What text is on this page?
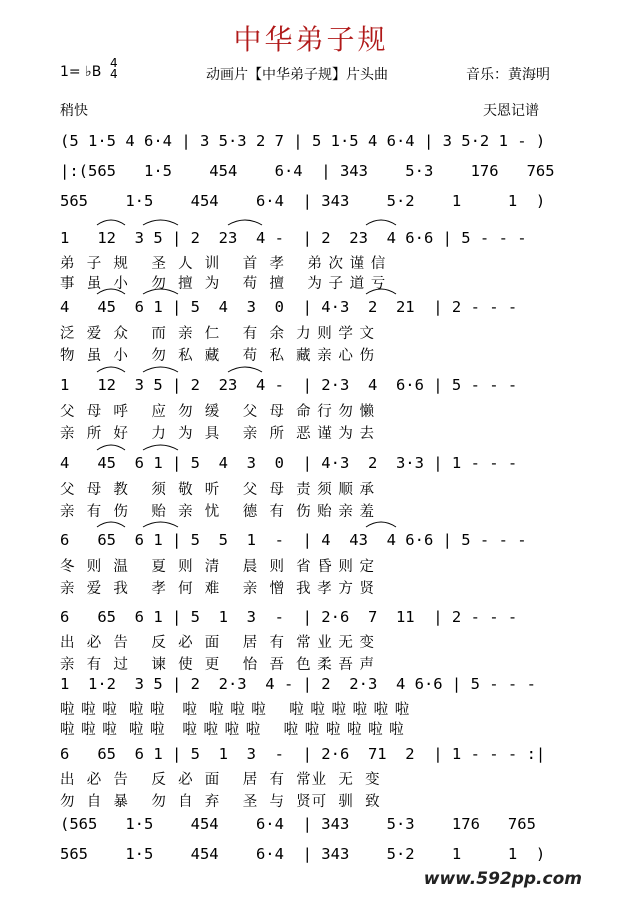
中华弟子规
1= ♭B
4
4	动画片【中华弟子规】片头曲	音乐：黄海明
稍快	天恩记谱
(5 1·5 4 6·4 | 3 5·3 2 7 | 5 1·5 4 6·4 | 3 5·2 1 - )
|:(565   1·5    454    6·4  | 343    5·3    176   765
565    1·5    454    6·4  | 343    5·2    1     1  )
1   12  3 5 | 2  23  4 -  | 2  23  4 6·6 | 5 - - -
4   45  6 1 | 5  4  3  0  | 4·3  2  21  | 2 - - -
1   12  3 5 | 2  23  4 -  | 2·3  4  6·6 | 5 - - -
4   45  6 1 | 5  4  3  0  | 4·3  2  3·3 | 1 - - -
6   65  6 1 | 5  5  1  -  | 4  43  4 6·6 | 5 - - -
6   65  6 1 | 5  1  3  -  | 2·6  7  11  | 2 - - -
1  1·2  3 5 | 2  2·3  4 - | 2  2·3  4 6·6 | 5 - - -
6   65  6 1 | 5  1  3  -  | 2·6  71  2  | 1 - - - :|
(565   1·5    454    6·4  | 343    5·3    176   765
565    1·5    454    6·4  | 343    5·2    1     1  )
弟  子  规    圣  人  训    首  孝    弟 次 谨 信
事  虽  小    勿  擅  为    苟  擅    为 子 道 亏
泛  爱  众    而  亲  仁    有  余  力 则 学 文
物  虽  小    勿  私  藏    苟  私  藏 亲 心 伤
父  母  呼    应  勿  缓    父  母  命 行 勿 懒
亲  所  好    力  为  具    亲  所  恶 谨 为 去
父  母  教    须  敬  听    父  母  责 须 顺 承
亲  有  伤    贻  亲  忧    德  有  伤 贻 亲 羞
冬  则  温    夏  则  清    晨  则  省 昏 则 定
亲  爱  我    孝  何  难    亲  憎  我 孝 方 贤
出  必  告    反  必  面    居  有  常 业 无 变
亲  有  过    谏  使  更    怡  吾  色 柔 吾 声
啦 啦 啦  啦 啦   啦  啦 啦 啦    啦 啦 啦 啦 啦 啦
啦 啦 啦  啦 啦   啦 啦 啦 啦    啦 啦 啦 啦 啦 啦
出  必  告    反  必  面    居  有  常业  无  变
勿  自  暴    勿  自  弃    圣  与  贤可  驯  致
www.592pp.com
